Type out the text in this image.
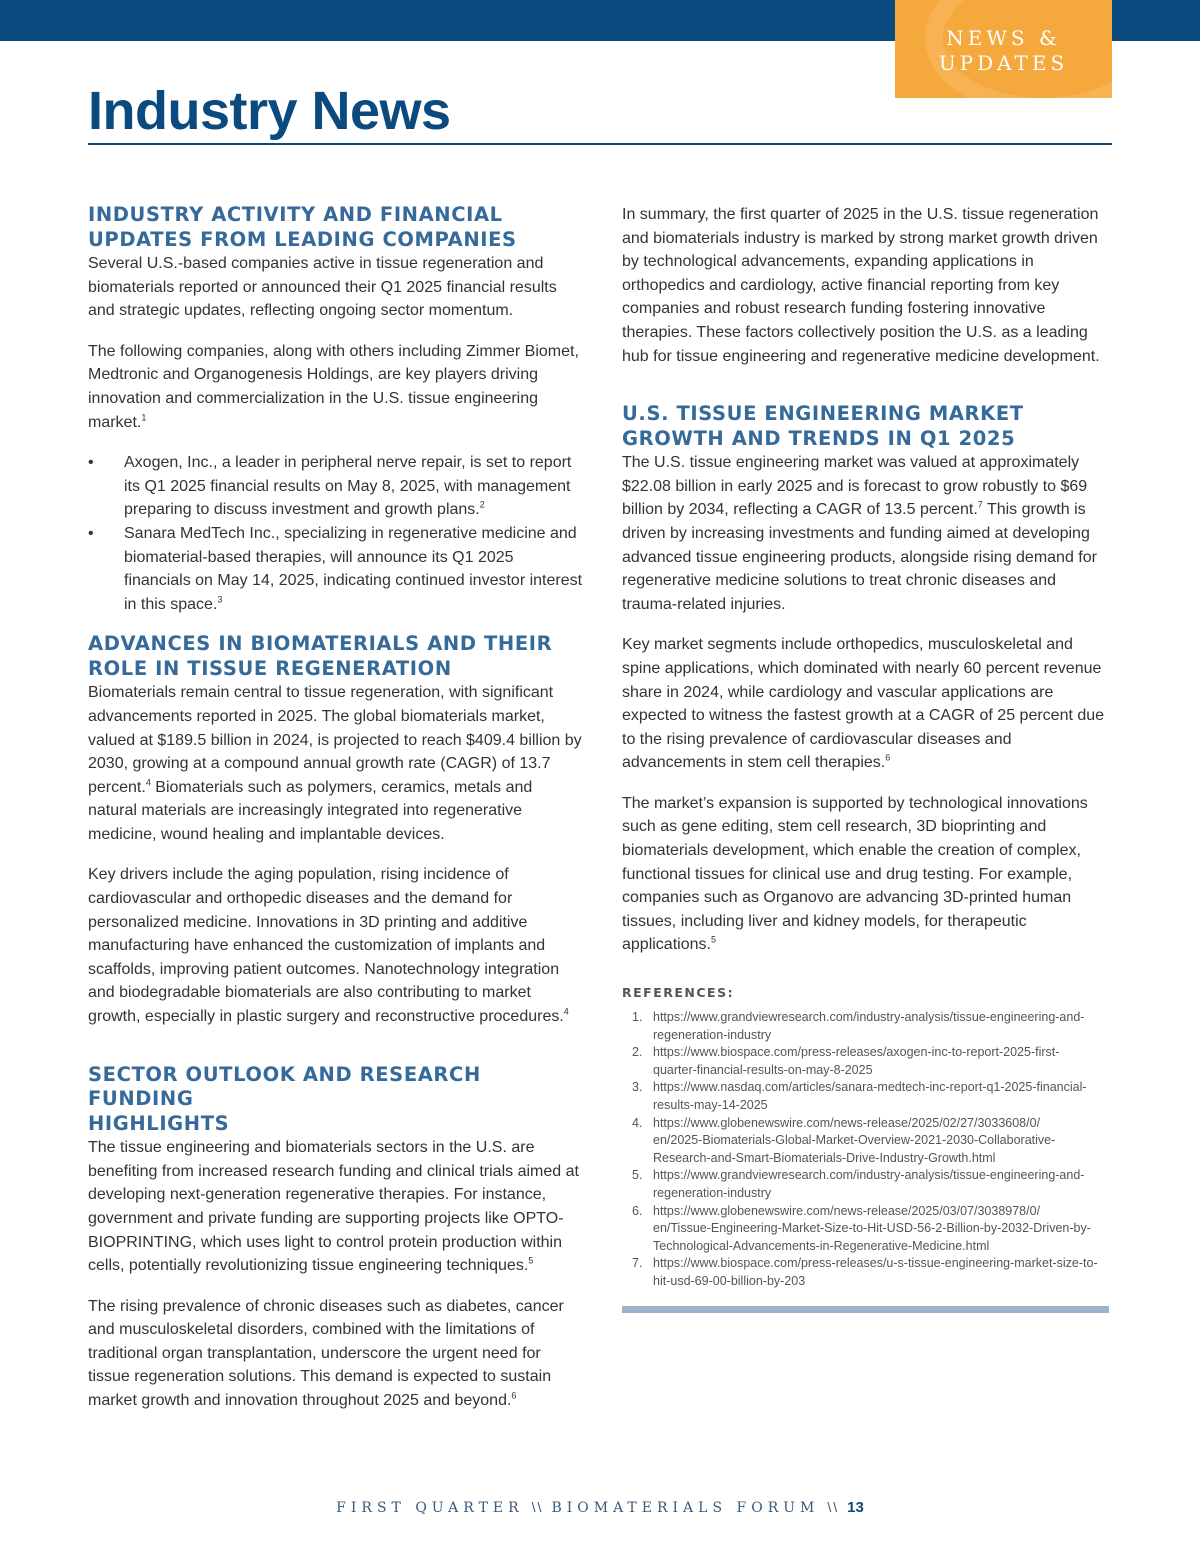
NEWS &
UPDATES
Industry News
INDUSTRY ACTIVITY AND FINANCIAL
UPDATES FROM LEADING COMPANIES

Several U.S.-based companies active in tissue regeneration and biomaterials reported or announced their Q1 2025 financial results and strategic updates, reflecting ongoing sector momentum.

The following companies, along with others including Zimmer Biomet, Medtronic and Organogenesis Holdings, are key players driving innovation and commercialization in the U.S. tissue engineering market.$^1$

• Axogen, Inc., a leader in peripheral nerve repair, is set to report its Q1 2025 financial results on May 8, 2025, with management preparing to discuss investment and growth plans.$^2$
• Sanara MedTech Inc., specializing in regenerative medicine and biomaterial-based therapies, will announce its Q1 2025 financials on May 14, 2025, indicating continued investor interest in this space.$^3$
ADVANCES IN BIOMATERIALS AND THEIR
ROLE IN TISSUE REGENERATION

Biomaterials remain central to tissue regeneration, with significant advancements reported in 2025. The global biomaterials market, valued at $189.5 billion in 2024, is projected to reach $409.4 billion by 2030, growing at a compound annual growth rate (CAGR) of 13.7 percent.$^4$ Biomaterials such as polymers, ceramics, metals and natural materials are increasingly integrated into regenerative medicine, wound healing and implantable devices.

Key drivers include the aging population, rising incidence of cardiovascular and orthopedic diseases and the demand for personalized medicine. Innovations in 3D printing and additive manufacturing have enhanced the customization of implants and scaffolds, improving patient outcomes. Nanotechnology integration and biodegradable biomaterials are also contributing to market growth, especially in plastic surgery and reconstructive procedures.$^4$

SECTOR OUTLOOK AND RESEARCH FUNDING
HIGHLIGHTS

The tissue engineering and biomaterials sectors in the U.S. are benefiting from increased research funding and clinical trials aimed at developing next-generation regenerative therapies. For instance, government and private funding are supporting projects like OPTO-BIOPRINTING, which uses light to control protein production within cells, potentially revolutionizing tissue engineering techniques.$^5$

The rising prevalence of chronic diseases such as diabetes, cancer and musculoskeletal disorders, combined with the limitations of traditional organ transplantation, underscore the urgent need for tissue regeneration solutions. This demand is expected to sustain market growth and innovation throughout 2025 and beyond.$^6$

In summary, the first quarter of 2025 in the U.S. tissue regeneration and biomaterials industry is marked by strong market growth driven by technological advancements, expanding applications in orthopedics and cardiology, active financial reporting from key companies and robust research funding fostering innovative therapies. These factors collectively position the U.S. as a leading hub for tissue engineering and regenerative medicine development.

U.S. TISSUE ENGINEERING MARKET
GROWTH AND TRENDS IN Q1 2025

The U.S. tissue engineering market was valued at approximately $22.08 billion in early 2025 and is forecast to grow robustly to $69 billion by 2034, reflecting a CAGR of 13.5 percent.$^7$ This growth is driven by increasing investments and funding aimed at developing advanced tissue engineering products, alongside rising demand for regenerative medicine solutions to treat chronic diseases and trauma-related injuries.

Key market segments include orthopedics, musculoskeletal and spine applications, which dominated with nearly 60 percent revenue share in 2024, while cardiology and vascular applications are expected to witness the fastest growth at a CAGR of 25 percent due to the rising prevalence of cardiovascular diseases and advancements in stem cell therapies.$^6$

The market’s expansion is supported by technological innovations such as gene editing, stem cell research, 3D bioprinting and biomaterials development, which enable the creation of complex, functional tissues for clinical use and drug testing. For example, companies such as Organovo are advancing 3D-printed human tissues, including liver and kidney models, for therapeutic applications.$^5$

REFERENCES:

1. https://www.grandviewresearch.com/industry-analysis/tissue-engineering-and-
regeneration-industry
2. https://www.biospace.com/press-releases/axogen-inc-to-report-2025-first-
quarter-financial-results-on-may-8-2025
3. https://www.nasdaq.com/articles/sanara-medtech-inc-report-q1-2025-financial-
results-may-14-2025
4. https://www.globenewswire.com/news-release/2025/02/27/3033608/0/
en/2025-Biomaterials-Global-Market-Overview-2021-2030-Collaborative-
Research-and-Smart-Biomaterials-Drive-Industry-Growth.html
5. https://www.grandviewresearch.com/industry-analysis/tissue-engineering-and-
regeneration-industry
6. https://www.globenewswire.com/news-release/2025/03/07/3038978/0/
en/Tissue-Engineering-Market-Size-to-Hit-USD-56-2-Billion-by-2032-Driven-by-
Technological-Advancements-in-Regenerative-Medicine.html
7. https://www.biospace.com/press-releases/u-s-tissue-engineering-market-size-to-
hit-usd-69-00-billion-by-203
FIRST QUARTER \\ BIOMATERIALS FORUM \\ 13
